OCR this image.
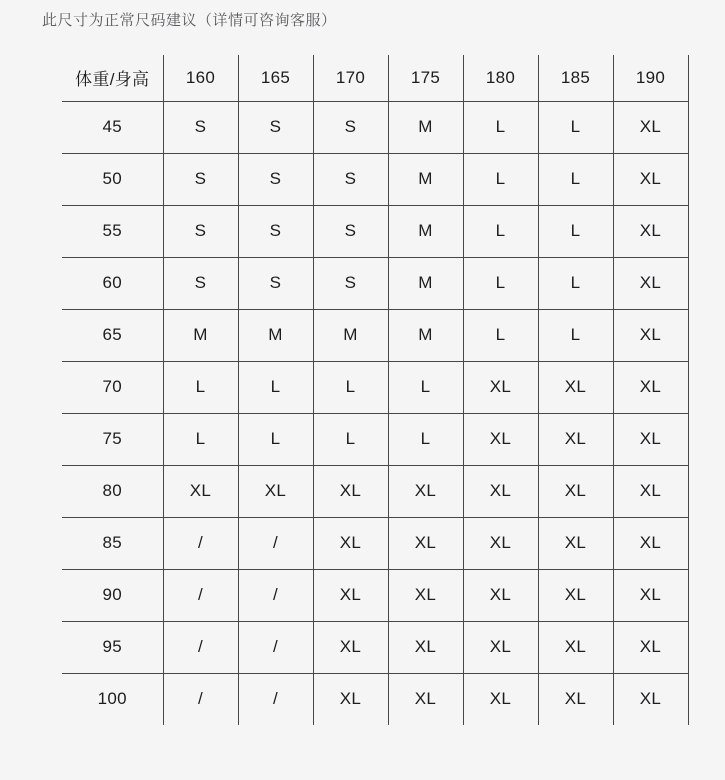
此尺寸为正常尺码建议（详情可咨询客服）
体重/身高	160	165	170	175	180	185	190
45	S	S	S	M	L	L	XL
50	S	S	S	M	L	L	XL
55	S	S	S	M	L	L	XL
60	S	S	S	M	L	L	XL
65	M	M	M	M	L	L	XL
70	L	L	L	L	XL	XL	XL
75	L	L	L	L	XL	XL	XL
80	XL	XL	XL	XL	XL	XL	XL
85	/	/	XL	XL	XL	XL	XL
90	/	/	XL	XL	XL	XL	XL
95	/	/	XL	XL	XL	XL	XL
100	/	/	XL	XL	XL	XL	XL
